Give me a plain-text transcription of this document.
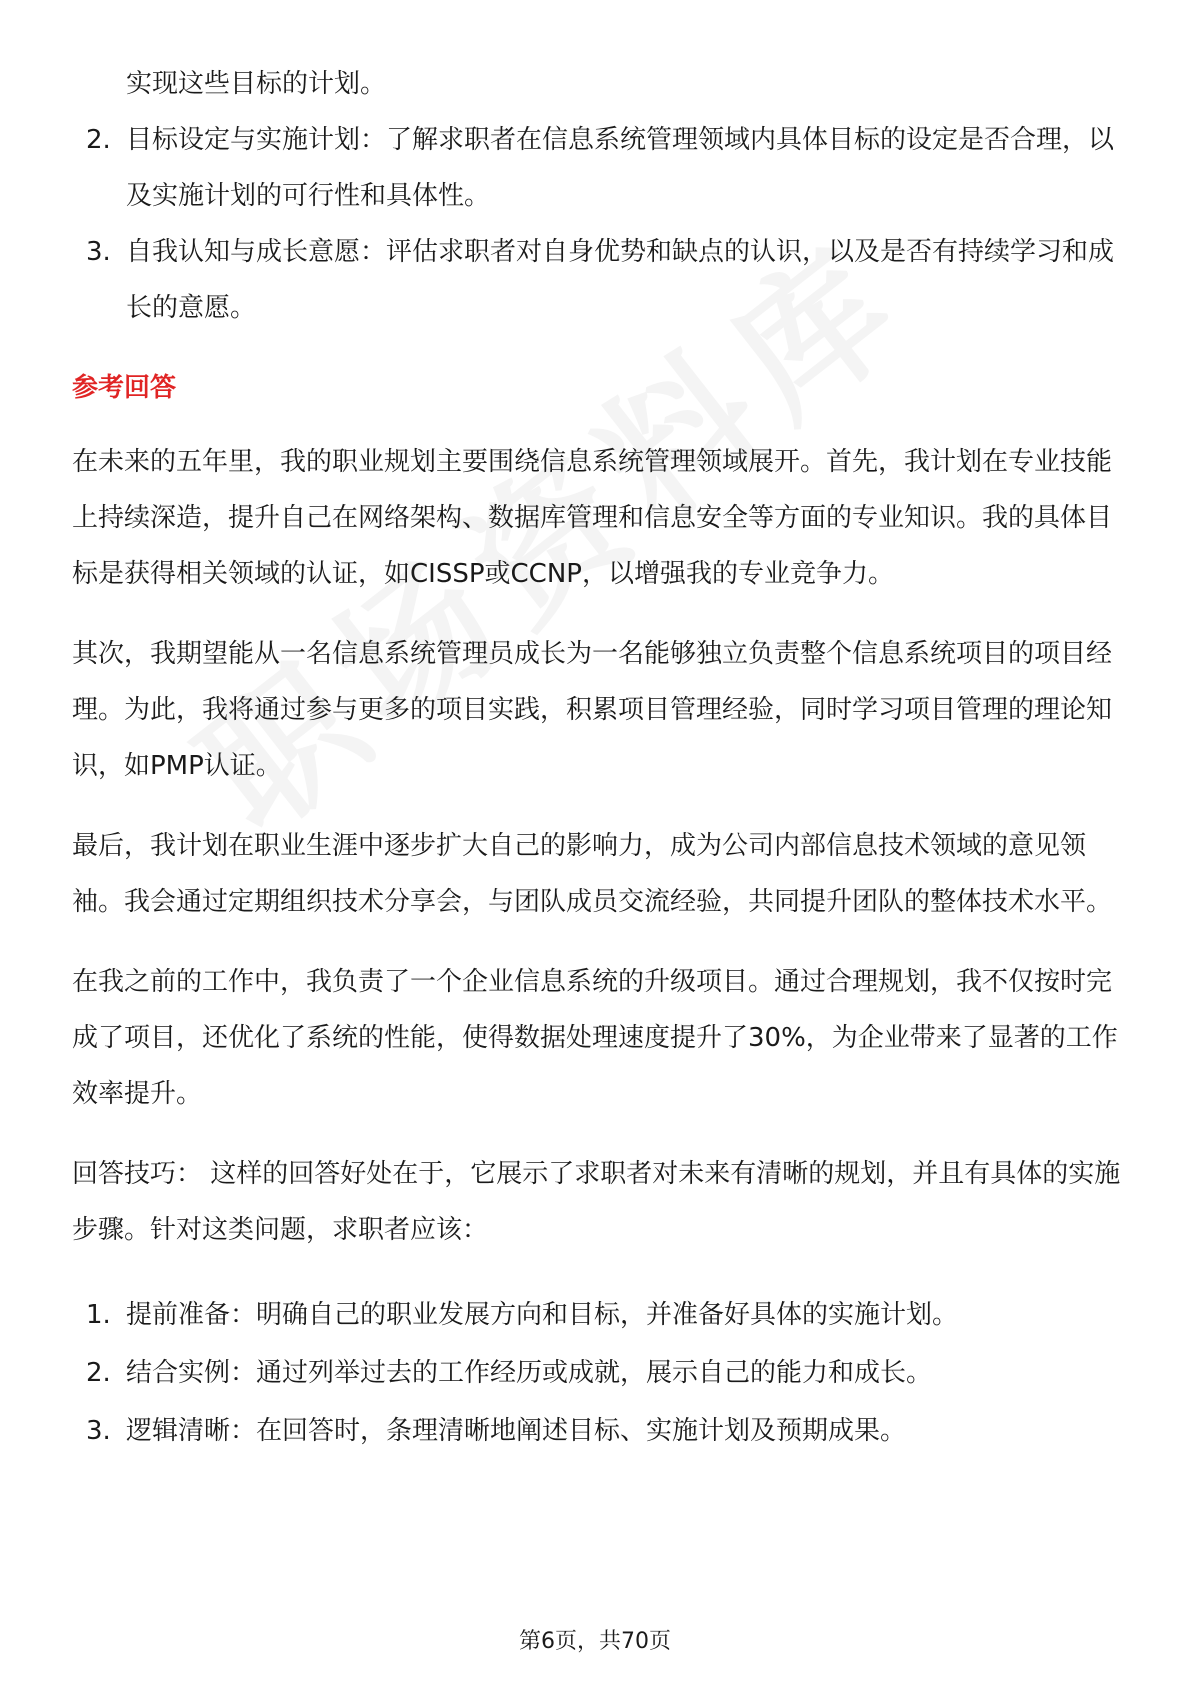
实现这些目标的计划。
2. 目标设定与实施计划：了解求职者在信息系统管理领域内具体目标的设定是否合理，以及实施计划的可行性和具体性。
3. 自我认知与成长意愿：评估求职者对自身优势和缺点的认识，以及是否有持续学习和成长的意愿。
参考回答
在未来的五年里，我的职业规划主要围绕信息系统管理领域展开。首先，我计划在专业技能上持续深造，提升自己在网络架构、数据库管理和信息安全等方面的专业知识。我的具体目标是获得相关领域的认证，如CISSP或CCNP，以增强我的专业竞争力。
其次，我期望能从一名信息系统管理员成长为一名能够独立负责整个信息系统项目的项目经理。为此，我将通过参与更多的项目实践，积累项目管理经验，同时学习项目管理的理论知识，如PMP认证。
最后，我计划在职业生涯中逐步扩大自己的影响力，成为公司内部信息技术领域的意见领袖。我会通过定期组织技术分享会，与团队成员交流经验，共同提升团队的整体技术水平。
在我之前的工作中，我负责了一个企业信息系统的升级项目。通过合理规划，我不仅按时完成了项目，还优化了系统的性能，使得数据处理速度提升了30%，为企业带来了显著的工作效率提升。
回答技巧： 这样的回答好处在于，它展示了求职者对未来有清晰的规划，并且有具体的实施步骤。针对这类问题，求职者应该：
1. 提前准备：明确自己的职业发展方向和目标，并准备好具体的实施计划。
2. 结合实例：通过列举过去的工作经历或成就，展示自己的能力和成长。
3. 逻辑清晰：在回答时，条理清晰地阐述目标、实施计划及预期成果。
第6页，共70页
